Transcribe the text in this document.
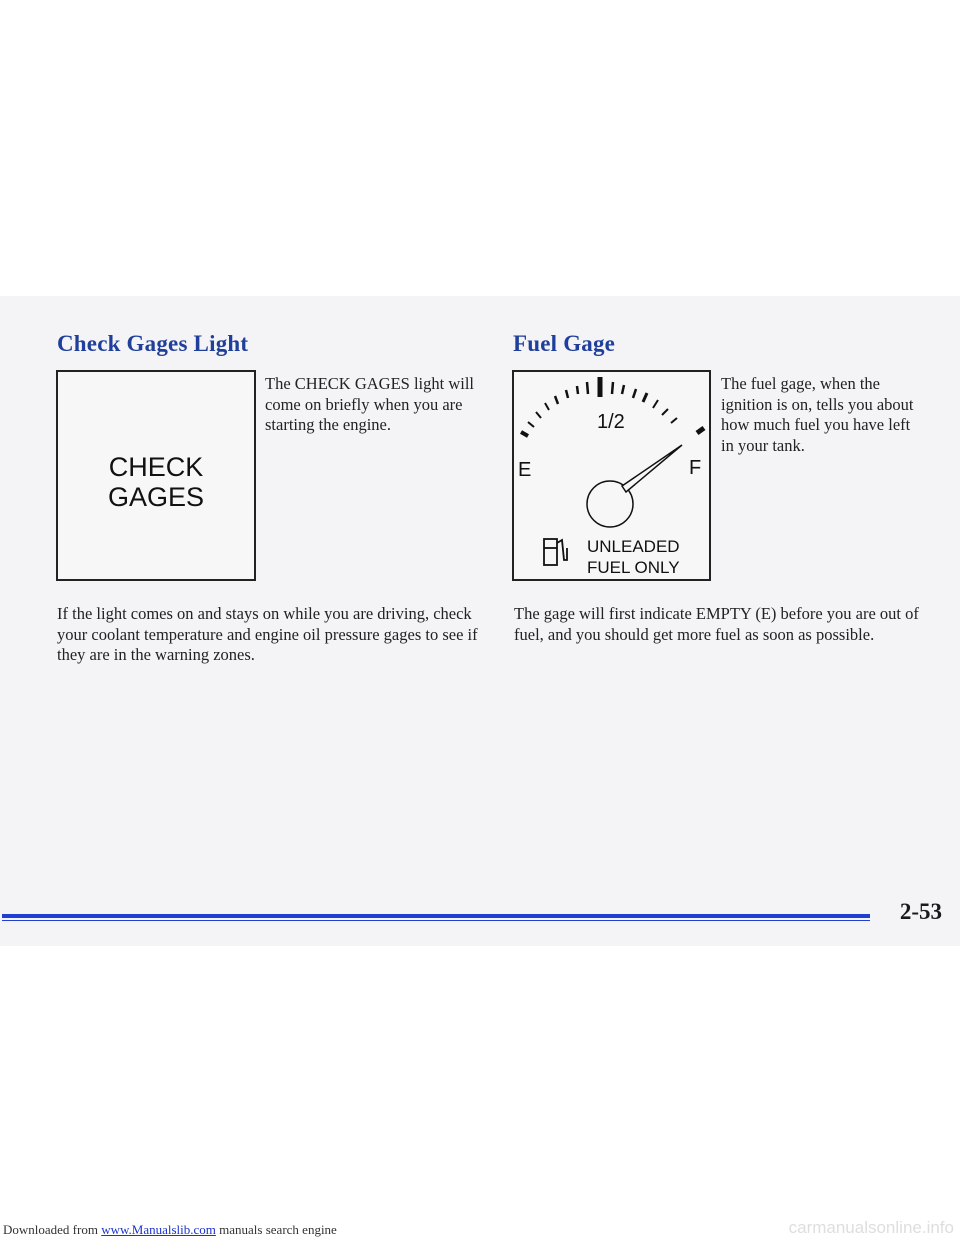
Check Gages Light
CHECK
GAGES

The CHECK GAGES light will come on briefly when you are starting the engine.

If the light comes on and stays on while you are driving, check your coolant temperature and engine oil pressure gages to see if they are in the warning zones.

Fuel Gage
1/2
E	F
UNLEADED
FUEL ONLY

The fuel gage, when the ignition is on, tells you about how much fuel you have left in your tank.

The gage will first indicate EMPTY (E) before you are out of fuel, and you should get more fuel as soon as possible.

2-53
Downloaded from www.Manualslib.com manuals search engine	carmanualsonline.info
